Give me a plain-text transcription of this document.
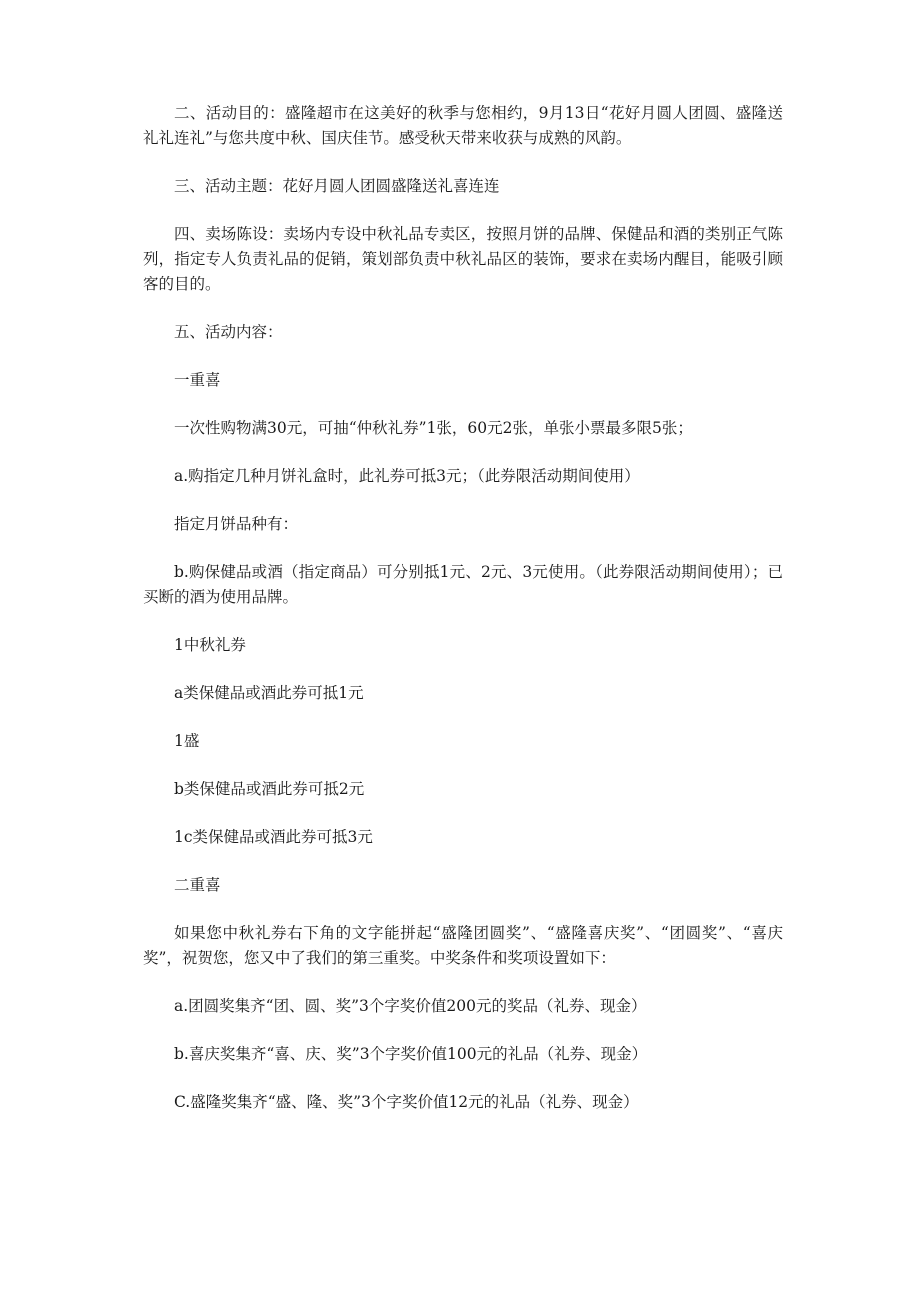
二、活动目的：盛隆超市在这美好的秋季与您相约，9月13日“花好月圆人团圆、盛隆送礼礼连礼”与您共度中秋、国庆佳节。感受秋天带来收获与成熟的风韵。

三、活动主题：花好月圆人团圆盛隆送礼喜连连

四、卖场陈设：卖场内专设中秋礼品专卖区，按照月饼的品牌、保健品和酒的类别正气陈列，指定专人负责礼品的促销，策划部负责中秋礼品区的装饰，要求在卖场内醒目，能吸引顾客的目的。

五、活动内容：

一重喜

一次性购物满30元，可抽“仲秋礼券”1张，60元2张，单张小票最多限5张；

a.购指定几种月饼礼盒时，此礼券可抵3元；（此券限活动期间使用）

指定月饼品种有：

b.购保健品或酒（指定商品）可分别抵1元、2元、3元使用。（此券限活动期间使用）；已买断的酒为使用品牌。

1中秋礼券

a类保健品或酒此券可抵1元

1盛

b类保健品或酒此券可抵2元

1c类保健品或酒此券可抵3元

二重喜

如果您中秋礼券右下角的文字能拼起“盛隆团圆奖”、“盛隆喜庆奖”、“团圆奖”、“喜庆奖”，祝贺您，您又中了我们的第三重奖。中奖条件和奖项设置如下：

a.团圆奖集齐“团、圆、奖”3个字奖价值200元的奖品（礼券、现金）

b.喜庆奖集齐“喜、庆、奖”3个字奖价值100元的礼品（礼券、现金）

C.盛隆奖集齐“盛、隆、奖”3个字奖价值12元的礼品（礼券、现金）
